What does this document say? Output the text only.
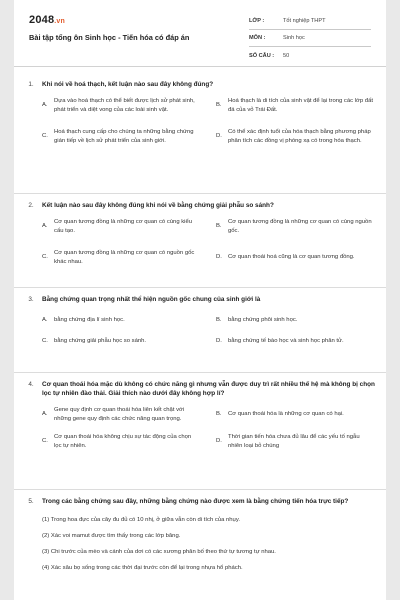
2048.vn
Bài tập tổng ôn Sinh học - Tiến hóa có đáp án
LỚP :	Tốt nghiệp THPT
MÔN :	Sinh học
SỐ CÂU :	50
1.	Khi nói về hoá thạch, kết luận nào sau đây không đúng?
A.
Dựa vào hoá thạch có thể biết được lịch sử phát sinh, phát triển và diệt vong của các loài sinh vật.
B.
Hoá thạch là di tích của sinh vật để lại trong các lớp đất đá của vỏ Trái Đất.
C.
Hoá thạch cung cấp cho chúng ta những bằng chứng gián tiếp về lịch sử phát triển của sinh giới.
D.
Có thể xác định tuổi của hóa thạch bằng phương pháp phân tích các đồng vị phóng xạ có trong hóa thạch.
2.	Kết luận nào sau đây không đúng khi nói về bằng chứng giải phẫu so sánh?
A.
Cơ quan tương đồng là những cơ quan có cùng kiểu cấu tạo.
B.
Cơ quan tương đồng là những cơ quan có cùng nguồn gốc.
C.
Cơ quan tương đồng là những cơ quan có nguồn gốc khác nhau.
D.	Cơ quan thoái hoá cũng là cơ quan tương đồng.
3.	Bằng chứng quan trọng nhất thể hiện nguồn gốc chung của sinh giới là
A.	bằng chứng địa lí sinh học.	B.	bằng chứng phôi sinh học.
C.	bằng chứng giải phẫu học so sánh.	D.	bằng chứng tế bào học và sinh học phân tử.
4.	Cơ quan thoái hóa mặc dù không có chức năng gì nhưng vẫn được duy trì rất nhiều thế hệ mà không bị chọn lọc tự nhiên đào thải. Giải thích nào dưới đây không hợp lí?
A.
Gene quy định cơ quan thoái hóa liên kết chặt với những gene quy định các chức năng quan trọng.
B.	Cơ quan thoái hóa là những cơ quan có hại.
C.
Cơ quan thoái hóa không chịu sự tác động của chọn lọc tự nhiên.
D.
Thời gian tiến hóa chưa đủ lâu để các yếu tố ngẫu nhiên loại bỏ chúng
5.	Trong các bằng chứng sau đây, những bằng chứng nào được xem là bằng chứng tiến hóa trực tiếp?
(1) Trong hoa đực của cây đu đủ có 10 nhị, ở giữa vẫn còn di tích của nhụy.
(2) Xác voi mamut được tìm thấy trong các lớp băng.
(3) Chi trước của mèo và cánh của dơi có các xương phân bố theo thứ tự tương tự nhau.
(4) Xác sâu bọ sống trong các thời đại trước còn để lại trong nhựa hổ phách.
